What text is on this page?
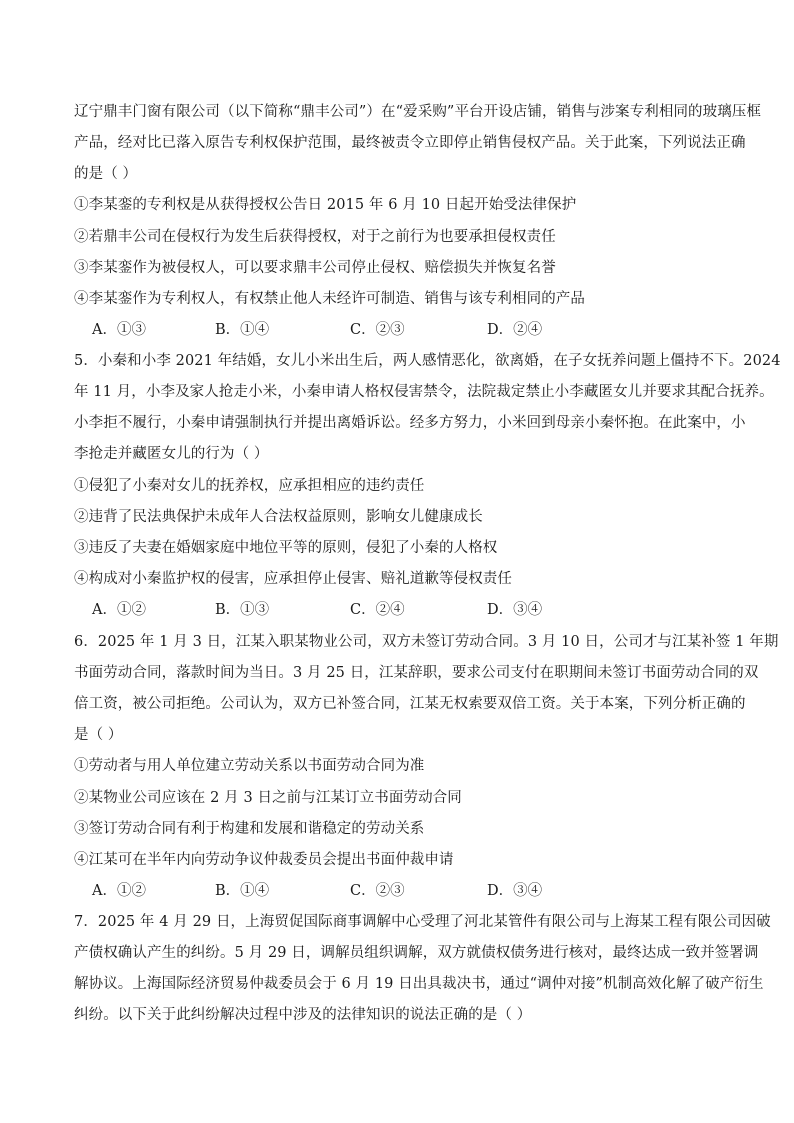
辽宁鼎丰门窗有限公司（以下简称“鼎丰公司”）在“爱采购”平台开设店铺，销售与涉案专利相同的玻璃压框
产品，经对比已落入原告专利权保护范围，最终被责令立即停止销售侵权产品。关于此案，下列说法正确
的是（ ）
①李某銮的专利权是从获得授权公告日 2015 年 6 月 10 日起开始受法律保护
②若鼎丰公司在侵权行为发生后获得授权，对于之前行为也要承担侵权责任
③李某銮作为被侵权人，可以要求鼎丰公司停止侵权、赔偿损失并恢复名誉
④李某銮作为专利权人，有权禁止他人未经许可制造、销售与该专利相同的产品
A．①③	B．①④	C．②③	D．②④
5．小秦和小李 2021 年结婚，女儿小米出生后，两人感情恶化，欲离婚，在子女抚养问题上僵持不下。2024
年 11 月，小李及家人抢走小米，小秦申请人格权侵害禁令，法院裁定禁止小李藏匿女儿并要求其配合抚养。
小李拒不履行，小秦申请强制执行并提出离婚诉讼。经多方努力，小米回到母亲小秦怀抱。在此案中，小
李抢走并藏匿女儿的行为（ ）
①侵犯了小秦对女儿的抚养权，应承担相应的违约责任
②违背了民法典保护未成年人合法权益原则，影响女儿健康成长
③违反了夫妻在婚姻家庭中地位平等的原则，侵犯了小秦的人格权
④构成对小秦监护权的侵害，应承担停止侵害、赔礼道歉等侵权责任
A．①②	B．①③	C．②④	D．③④
6．2025 年 1 月 3 日，江某入职某物业公司，双方未签订劳动合同。3 月 10 日，公司才与江某补签 1 年期
书面劳动合同，落款时间为当日。3 月 25 日，江某辞职，要求公司支付在职期间未签订书面劳动合同的双
倍工资，被公司拒绝。公司认为，双方已补签合同，江某无权索要双倍工资。关于本案，下列分析正确的
是（ ）
①劳动者与用人单位建立劳动关系以书面劳动合同为准
②某物业公司应该在 2 月 3 日之前与江某订立书面劳动合同
③签订劳动合同有利于构建和发展和谐稳定的劳动关系
④江某可在半年内向劳动争议仲裁委员会提出书面仲裁申请
A．①②	B．①④	C．②③	D．③④
7．2025 年 4 月 29 日，上海贸促国际商事调解中心受理了河北某管件有限公司与上海某工程有限公司因破
产债权确认产生的纠纷。5 月 29 日，调解员组织调解，双方就债权债务进行核对，最终达成一致并签署调
解协议。上海国际经济贸易仲裁委员会于 6 月 19 日出具裁决书，通过“调仲对接”机制高效化解了破产衍生
纠纷。以下关于此纠纷解决过程中涉及的法律知识的说法正确的是（ ）
